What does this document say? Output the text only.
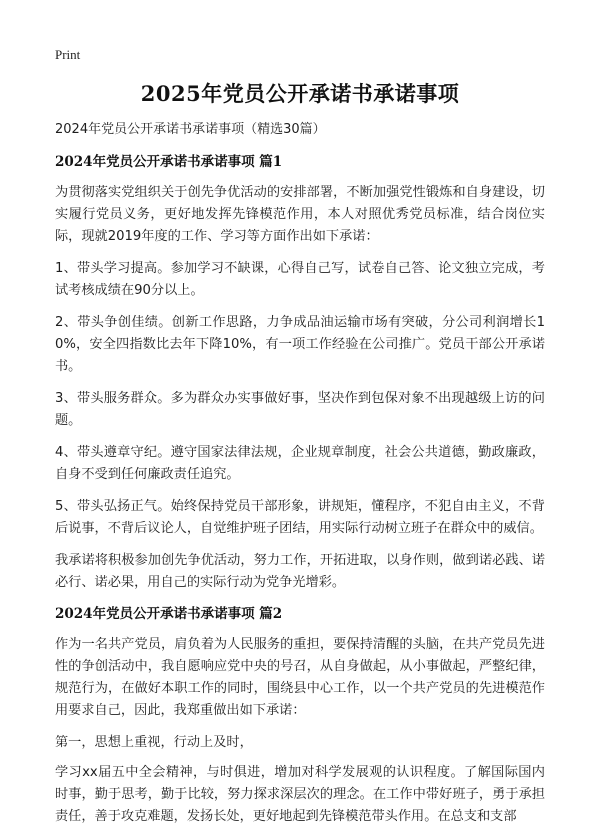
Print
2025年党员公开承诺书承诺事项

2024年党员公开承诺书承诺事项（精选30篇）

2024年党员公开承诺书承诺事项 篇1

为贯彻落实党组织关于创先争优活动的安排部署，不断加强党性锻炼和自身建设，切实履行党员义务，更好地发挥先锋模范作用，本人对照优秀党员标准，结合岗位实际，现就2019年度的工作、学习等方面作出如下承诺：

1、带头学习提高。参加学习不缺课，心得自己写，试卷自己答、论文独立完成，考试考核成绩在90分以上。

2、带头争创佳绩。创新工作思路，力争成品油运输市场有突破，分公司利润增长10%，安全四指数比去年下降10%，有一项工作经验在公司推广。党员干部公开承诺书。

3、带头服务群众。多为群众办实事做好事，坚决作到包保对象不出现越级上访的问题。

4、带头遵章守纪。遵守国家法律法规，企业规章制度，社会公共道德，勤政廉政，自身不受到任何廉政责任追究。

5、带头弘扬正气。始终保持党员干部形象，讲规矩，懂程序，不犯自由主义，不背后说事，不背后议论人，自觉维护班子团结，用实际行动树立班子在群众中的威信。

我承诺将积极参加创先争优活动，努力工作，开拓进取，以身作则，做到诺必践、诺必行、诺必果，用自己的实际行动为党争光增彩。

2024年党员公开承诺书承诺事项 篇2

作为一名共产党员，肩负着为人民服务的重担，要保持清醒的头脑，在共产党员先进性的争创活动中，我自愿响应党中央的号召，从自身做起，从小事做起，严整纪律，规范行为，在做好本职工作的同时，围绕县中心工作，以一个共产党员的先进模范作用要求自己，因此，我郑重做出如下承诺：

第一，思想上重视，行动上及时，

学习xx届五中全会精神，与时俱进，增加对科学发展观的认识程度。了解国际国内时事，勤于思考，勤于比较，努力探求深层次的理念。在工作中带好班子，勇于承担责任，善于攻克难题，发扬长处，更好地起到先锋模范带头作用。在总支和支部
